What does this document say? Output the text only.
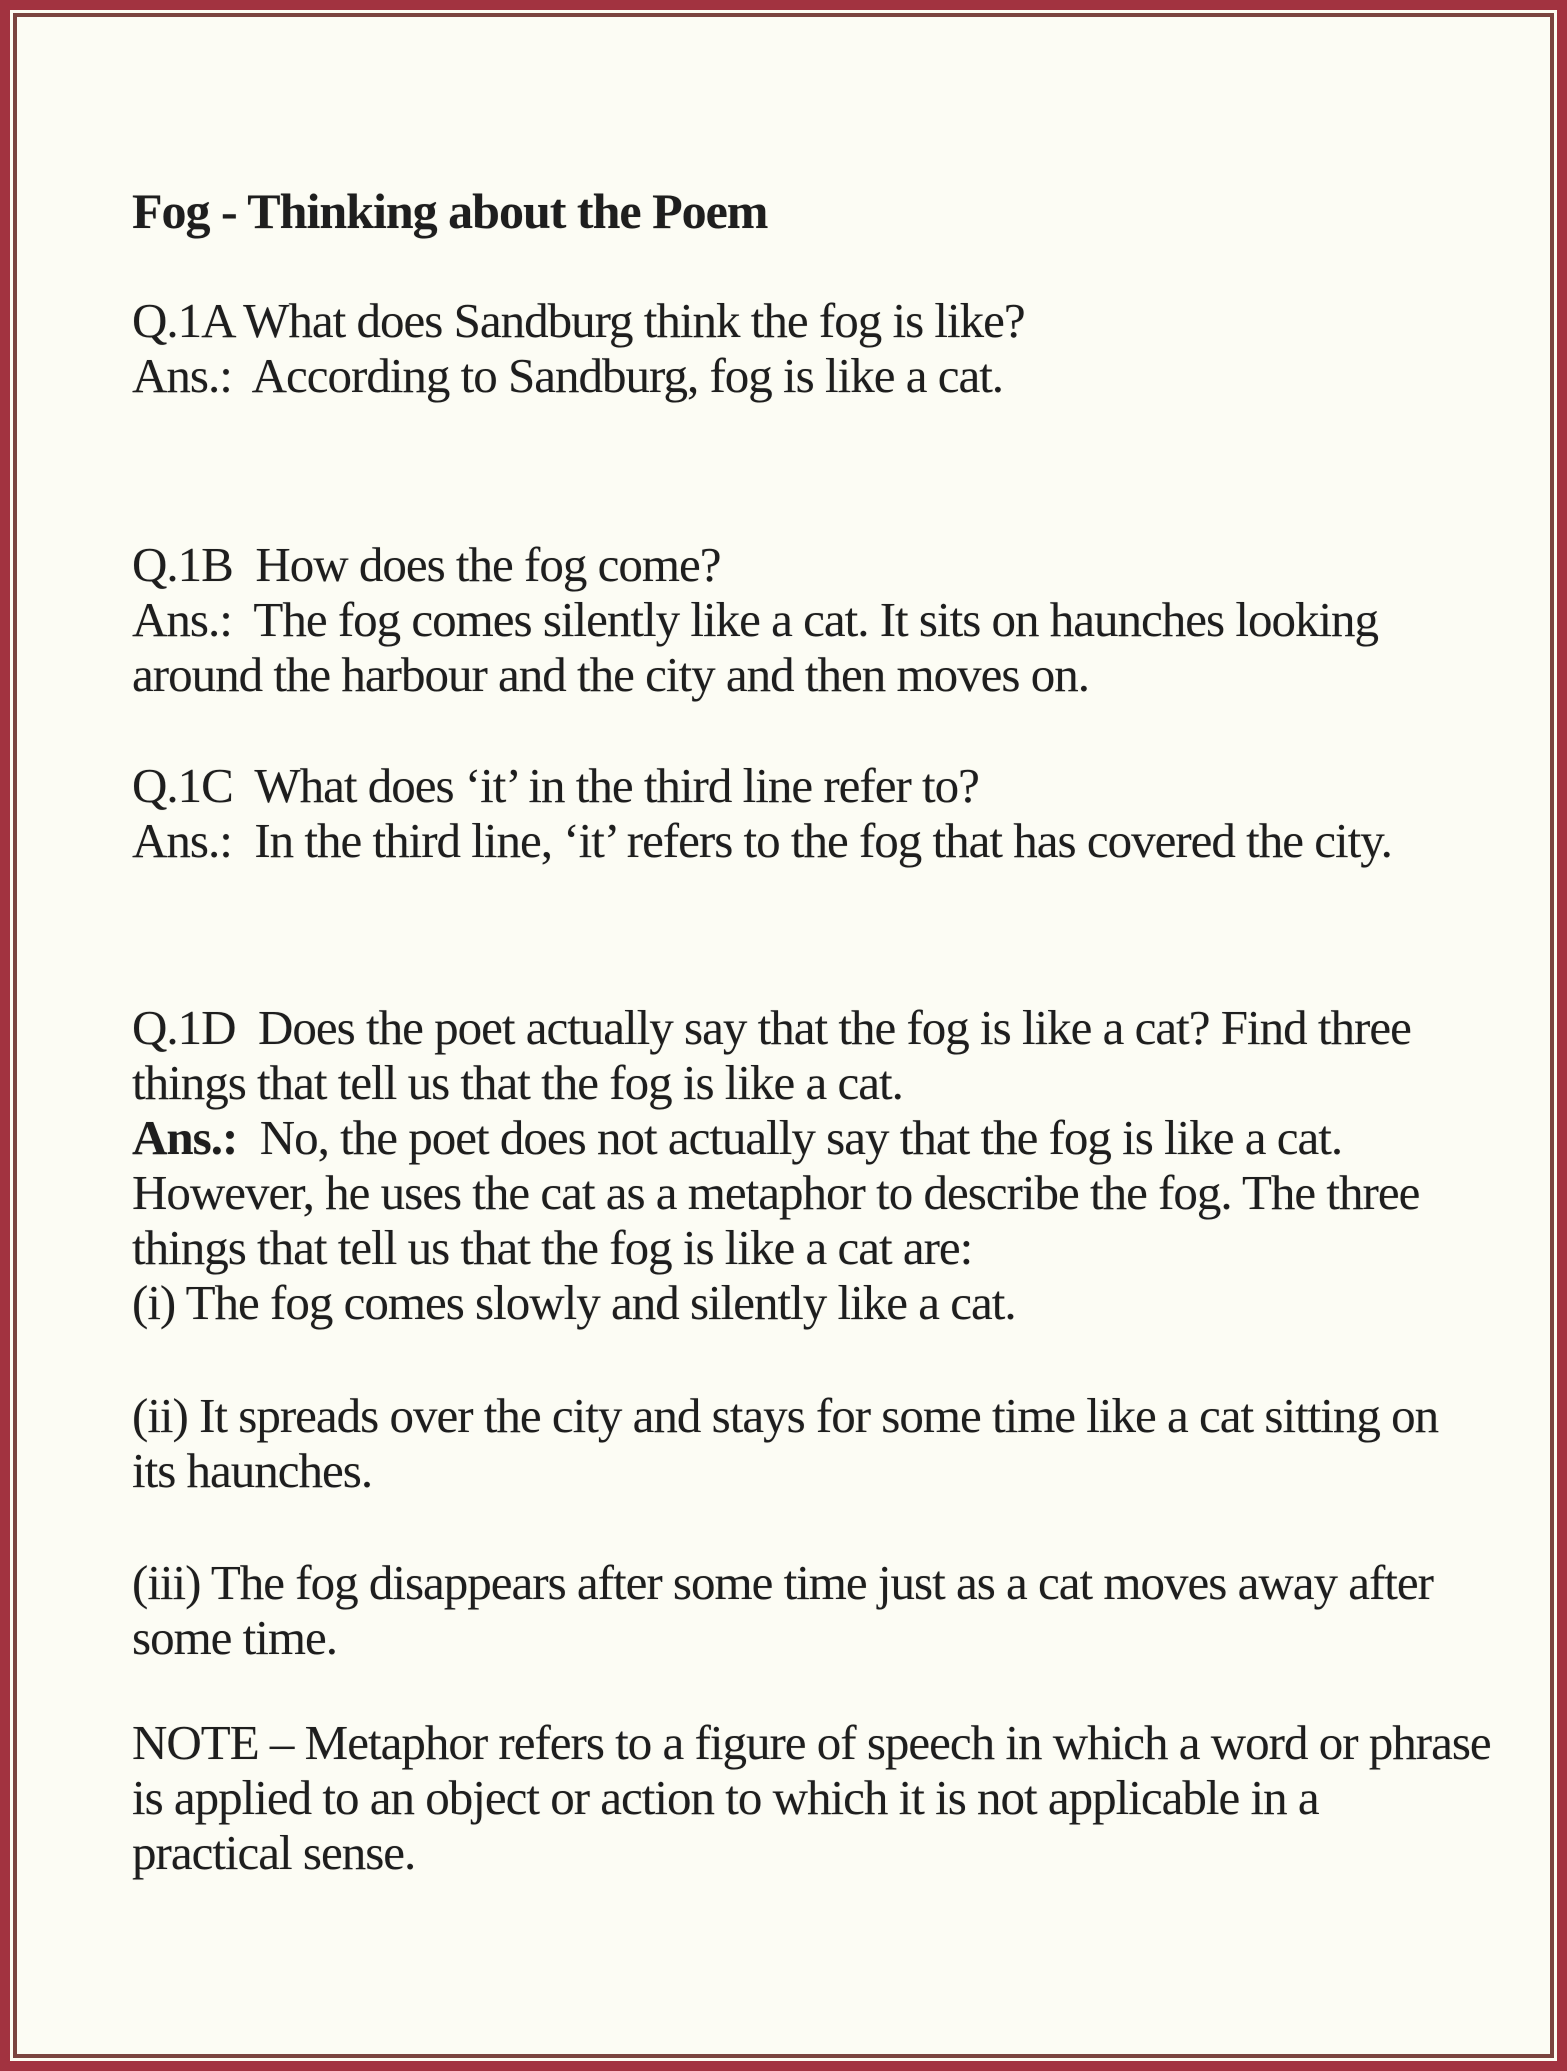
Fog - Thinking about the Poem
Q.1A What does Sandburg think the fog is like?
Ans.:  According to Sandburg, fog is like a cat.
Q.1B  How does the fog come?
Ans.:  The fog comes silently like a cat. It sits on haunches looking
around the harbour and the city and then moves on.
Q.1C  What does ‘it’ in the third line refer to?
Ans.:  In the third line, ‘it’ refers to the fog that has covered the city.
Q.1D  Does the poet actually say that the fog is like a cat? Find three
things that tell us that the fog is like a cat.
Ans.:  No, the poet does not actually say that the fog is like a cat.
However, he uses the cat as a metaphor to describe the fog. The three
things that tell us that the fog is like a cat are:
(i) The fog comes slowly and silently like a cat.
(ii) It spreads over the city and stays for some time like a cat sitting on
its haunches.
(iii) The fog disappears after some time just as a cat moves away after
some time.
NOTE – Metaphor refers to a figure of speech in which a word or phrase
is applied to an object or action to which it is not applicable in a
practical sense.
